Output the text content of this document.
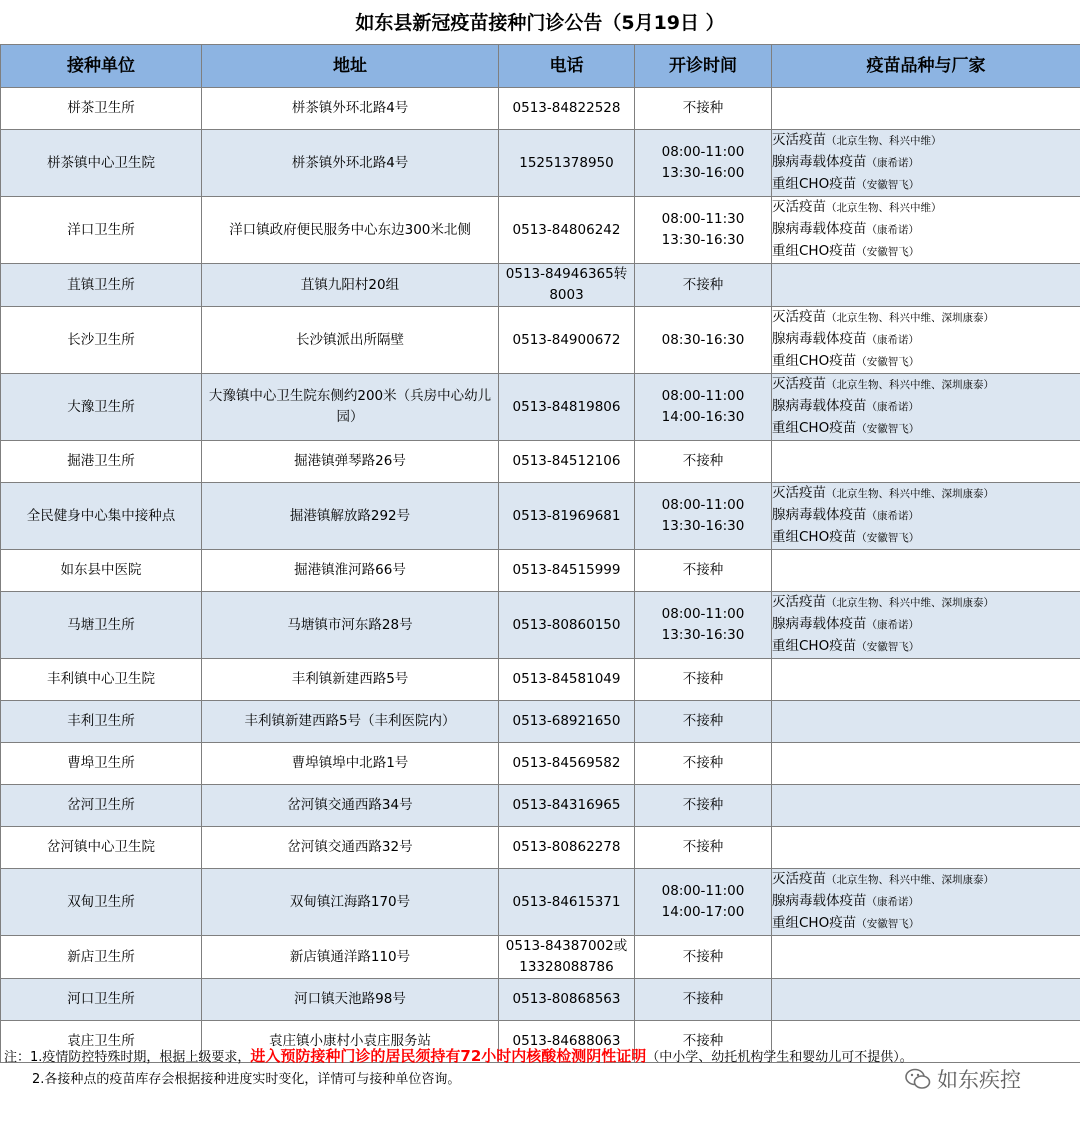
如东县新冠疫苗接种门诊公告（5月19日 ）
接种单位	地址	电话	开诊时间	疫苗品种与厂家
栟茶卫生所	栟茶镇外环北路4号	0513-84822528	不接种	

栟茶镇中心卫生院	栟茶镇外环北路4号	15251378950	08:00-11:00
13:30-16:00	灭活疫苗（北京生物、科兴中维）
腺病毒载体疫苗（康希诺）
重组CHO疫苗（安徽智飞）

洋口卫生所	洋口镇政府便民服务中心东边300米北侧	0513-84806242	08:00-11:30
13:30-16:30	灭活疫苗（北京生物、科兴中维）
腺病毒载体疫苗（康希诺）
重组CHO疫苗（安徽智飞）

苴镇卫生所	苴镇九阳村20组	0513-84946365转8003	不接种	

长沙卫生所	长沙镇派出所隔壁	0513-84900672	08:30-16:30	灭活疫苗（北京生物、科兴中维、深圳康泰）
腺病毒载体疫苗（康希诺）
重组CHO疫苗（安徽智飞）

大豫卫生所	大豫镇中心卫生院东侧约200米（兵房中心幼儿园）	0513-84819806	08:00-11:00
14:00-16:30	灭活疫苗（北京生物、科兴中维、深圳康泰）
腺病毒载体疫苗（康希诺）
重组CHO疫苗（安徽智飞）

掘港卫生所	掘港镇弹琴路26号	0513-84512106	不接种	

全民健身中心集中接种点	掘港镇解放路292号	0513-81969681	08:00-11:00
13:30-16:30	灭活疫苗（北京生物、科兴中维、深圳康泰）
腺病毒载体疫苗（康希诺）
重组CHO疫苗（安徽智飞）

如东县中医院	掘港镇淮河路66号	0513-84515999	不接种	

马塘卫生所	马塘镇市河东路28号	0513-80860150	08:00-11:00
13:30-16:30	灭活疫苗（北京生物、科兴中维、深圳康泰）
腺病毒载体疫苗（康希诺）
重组CHO疫苗（安徽智飞）

丰利镇中心卫生院	丰利镇新建西路5号	0513-84581049	不接种	

丰利卫生所	丰利镇新建西路5号（丰利医院内）	0513-68921650	不接种	

曹埠卫生所	曹埠镇埠中北路1号	0513-84569582	不接种	

岔河卫生所	岔河镇交通西路34号	0513-84316965	不接种	

岔河镇中心卫生院	岔河镇交通西路32号	0513-80862278	不接种	

双甸卫生所	双甸镇江海路170号	0513-84615371	08:00-11:00
14:00-17:00	灭活疫苗（北京生物、科兴中维、深圳康泰）
腺病毒载体疫苗（康希诺）
重组CHO疫苗（安徽智飞）

新店卫生所	新店镇通洋路110号	0513-84387002或13328088786	不接种	

河口卫生所	河口镇天池路98号	0513-80868563	不接种	

袁庄卫生所	袁庄镇小康村小袁庄服务站	0513-84688063	不接种	

注：1.疫情防控特殊时期，根据上级要求，进入预防接种门诊的居民须持有72小时内核酸检测阴性证明（中小学、幼托机构学生和婴幼儿可不提供）。
2.各接种点的疫苗库存会根据接种进度实时变化，详情可与接种单位咨询。	如东疾控
